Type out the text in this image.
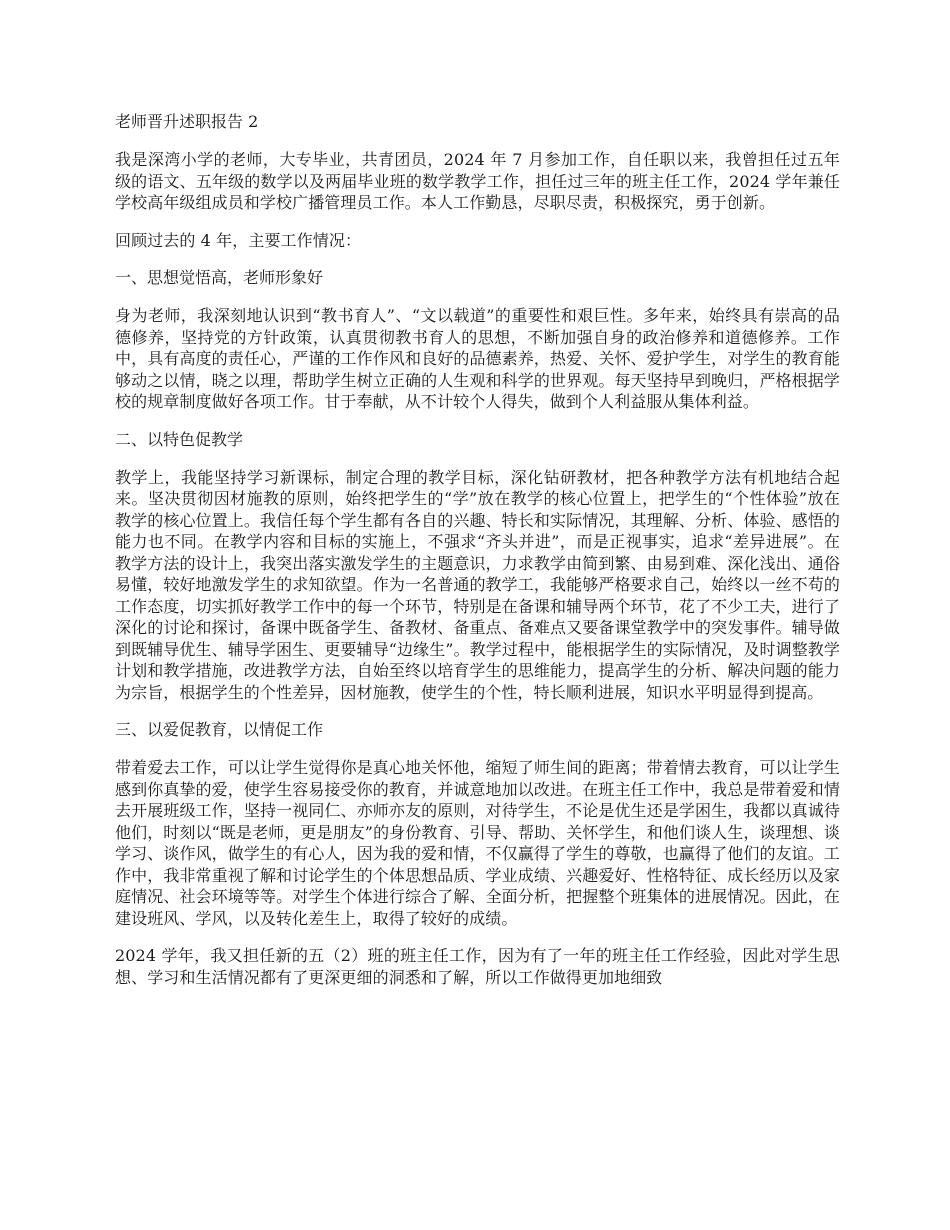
老师晋升述职报告 2

我是深湾小学的老师，大专毕业，共青团员，2024 年 7 月参加工作，自任职以来，我曾担任过五年级的语文、五年级的数学以及两届毕业班的数学教学工作，担任过三年的班主任工作，2024 学年兼任学校高年级组成员和学校广播管理员工作。本人工作勤恳，尽职尽责，积极探究，勇于创新。

回顾过去的 4 年，主要工作情况：

一、思想觉悟高，老师形象好

身为老师，我深刻地认识到“教书育人”、“文以载道”的重要性和艰巨性。多年来，始终具有崇高的品德修养，坚持党的方针政策，认真贯彻教书育人的思想，不断加强自身的政治修养和道德修养。工作中，具有高度的责任心，严谨的工作作风和良好的品德素养，热爱、关怀、爱护学生，对学生的教育能够动之以情，晓之以理，帮助学生树立正确的人生观和科学的世界观。每天坚持早到晚归，严格根据学校的规章制度做好各项工作。甘于奉献，从不计较个人得失，做到个人利益服从集体利益。

二、以特色促教学

教学上，我能坚持学习新课标，制定合理的教学目标，深化钻研教材，把各种教学方法有机地结合起来。坚决贯彻因材施教的原则，始终把学生的“学”放在教学的核心位置上，把学生的“个性体验”放在教学的核心位置上。我信任每个学生都有各自的兴趣、特长和实际情况，其理解、分析、体验、感悟的能力也不同。在教学内容和目标的实施上，不强求“齐头并进”，而是正视事实，追求“差异进展”。在教学方法的设计上，我突出落实激发学生的主题意识，力求教学由简到繁、由易到难、深化浅出、通俗易懂，较好地激发学生的求知欲望。作为一名普通的教学工，我能够严格要求自己，始终以一丝不苟的工作态度，切实抓好教学工作中的每一个环节，特别是在备课和辅导两个环节，花了不少工夫，进行了深化的讨论和探讨，备课中既备学生、备教材、备重点、备难点又要备课堂教学中的突发事件。辅导做到既辅导优生、辅导学困生、更要辅导“边缘生”。教学过程中，能根据学生的实际情况，及时调整教学计划和教学措施，改进教学方法，自始至终以培育学生的思维能力，提高学生的分析、解决问题的能力为宗旨，根据学生的个性差异，因材施教，使学生的个性，特长顺利进展，知识水平明显得到提高。

三、以爱促教育，以情促工作

带着爱去工作，可以让学生觉得你是真心地关怀他，缩短了师生间的距离；带着情去教育，可以让学生感到你真挚的爱，使学生容易接受你的教育，并诚意地加以改进。在班主任工作中，我总是带着爱和情去开展班级工作，坚持一视同仁、亦师亦友的原则，对待学生，不论是优生还是学困生，我都以真诚待他们，时刻以“既是老师，更是朋友”的身份教育、引导、帮助、关怀学生，和他们谈人生，谈理想、谈学习、谈作风，做学生的有心人，因为我的爱和情，不仅赢得了学生的尊敬，也赢得了他们的友谊。工作中，我非常重视了解和讨论学生的个体思想品质、学业成绩、兴趣爱好、性格特征、成长经历以及家庭情况、社会环境等等。对学生个体进行综合了解、全面分析，把握整个班集体的进展情况。因此，在建设班风、学风，以及转化差生上，取得了较好的成绩。

2024 学年，我又担任新的五（2）班的班主任工作，因为有了一年的班主任工作经验，因此对学生思想、学习和生活情况都有了更深更细的洞悉和了解，所以工作做得更加地细致
